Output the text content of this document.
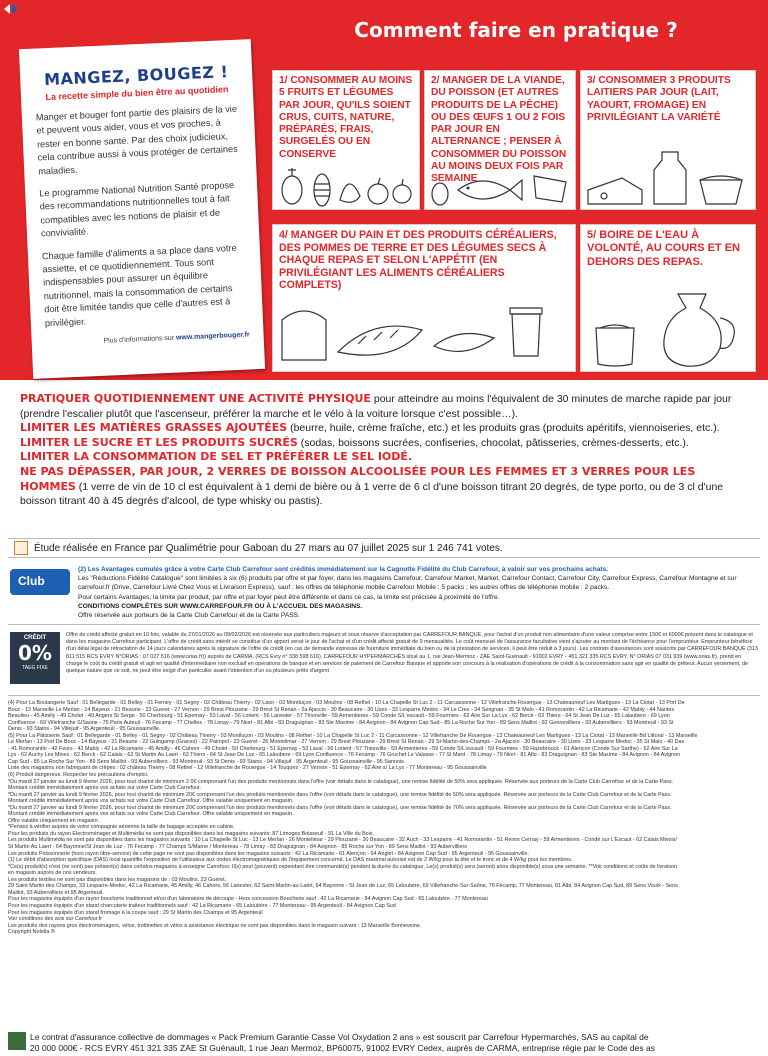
Comment faire en pratique ?
MANGEZ, BOUGEZ !
La recette simple du bien être au quotidien

Manger et bouger font partie des plaisirs de la vie et peuvent vous aider, vous et vos proches, à rester en bonne santé. Par des choix judicieux, cela contribue aussi à vous protéger de certaines maladies.

Le programme National Nutrition Santé propose des recommandations nutritionnelles tout à fait compatibles avec les notions de plaisir et de convivialité.

Chaque famille d'aliments a sa place dans votre assiette, et ce quotidiennement. Tous sont indispensables pour assurer un équilibre nutritionnel, mais la consommation de certains doit être limitée tandis que celle d'autres est à privilégier.

Plus d'informations sur www.mangerbouger.fr
1/ CONSOMMER AU MOINS 5 FRUITS ET LÉGUMES PAR JOUR, QU'ILS SOIENT CRUS, CUITS, NATURE, PRÉPARÉS, FRAIS, SURGELÉS OU EN CONSERVE
2/ MANGER DE LA VIANDE, DU POISSON (ET AUTRES PRODUITS DE LA PÊCHE) OU DES ŒUFS 1 OU 2 FOIS PAR JOUR EN ALTERNANCE ; PENSER À CONSOMMER DU POISSON AU MOINS DEUX FOIS PAR SEMAINE
3/ CONSOMMER 3 PRODUITS LAITIERS PAR JOUR (LAIT, YAOURT, FROMAGE) EN PRIVILÉGIANT LA VARIÉTÉ
4/ MANGER DU PAIN ET DES PRODUITS CÉRÉALIERS, DES POMMES DE TERRE ET DES LÉGUMES SECS À CHAQUE REPAS ET SELON L'APPÉTIT (EN PRIVILÉGIANT LES ALIMENTS CÉRÉALIERS COMPLETS)
5/ BOIRE DE L'EAU À VOLONTÉ, AU COURS ET EN DEHORS DES REPAS.
PRATIQUER QUOTIDIENNEMENT UNE ACTIVITÉ PHYSIQUE pour atteindre au moins l'équivalent de 30 minutes de marche rapide par jour (prendre l'escalier plutôt que l'ascenseur, préférer la marche et le vélo à la voiture lorsque c'est possible…).
LIMITER LES MATIÈRES GRASSES AJOUTÉES (beurre, huile, crème fraîche, etc.) et les produits gras (produits apéritifs, viennoiseries, etc.).
LIMITER LE SUCRE ET LES PRODUITS SUCRÉS (sodas, boissons sucrées, confiseries, chocolat, pâtisseries, crèmes-desserts, etc.).
LIMITER LA CONSOMMATION DE SEL ET PRÉFÉRER LE SEL IODÉ.
NE PAS DÉPASSER, PAR JOUR, 2 VERRES DE BOISSON ALCOOLISÉE POUR LES FEMMES ET 3 VERRES POUR LES HOMMES (1 verre de vin de 10 cl est équivalent à 1 demi de bière ou à 1 verre de 6 cl d'une boisson titrant 20 degrés, de type porto, ou de 3 cl d'une boisson titrant 40 à 45 degrés d'alcool, de type whisky ou pastis).
Étude réalisée en France par Qualimétrie pour Gaboan du 27 mars au 07 juillet 2025 sur 1 246 741 votes.
Club
(2) Les Avantages cumulés grâce à votre Carte Club Carrefour sont crédités immédiatement sur la Cagnotte Fidélité du Club Carrefour, à valoir sur vos prochains achats.
Les "Réductions Fidélité Catalogue" sont limitées à six (6) produits par offre et par foyer, dans les magasins Carrefour, Carrefour Market, Market, Carrefour Contact, Carrefour City, Carrefour Express, Carrefour Montagne et sur
carrefour.fr (Drive, Carrefour Livré Chez Vous et Livraison Express), sauf : les offres de téléphonie mobile Carrefour Mobile : 5 packs ; les autres offres de téléphonie mobile : 2 packs.
Pour certains Avantages, la limite par produit, par offre et par foyer peut être différente et dans ce cas, la limite est précisée à proximité de l'offre.
CONDITIONS COMPLÈTES SUR WWW.CARREFOUR.FR OU À L'ACCUEIL DES MAGASINS.
Offre réservée aux porteurs de la Carte Club Carrefour et de la Carte PASS.
CRÉDIT
0%
TAEG FIXE
Offre de crédit affecté gratuit en 10 fois, valable du 27/01/2026 au 09/02/2026 est réservée aux particuliers majeurs et sous réserve d'acceptation par CARREFOUR BANQUE, pour l'achat d'un produit non alimentaire d'une valeur comprise entre 150€ et 6000€ présent dans le catalogue et dans les magasins Carrefour participant. L'offre de crédit sans intérêt se constitue d'un apport versé le jour de l'achat et d'un crédit affecté gratuit de 9 mensualités. Le coût mensuel de l'assurance facultative vient s'ajouter au montant de l'échéance pour l'emprunteur. Emprunteur bénéficie d'un délai légal de rétractation de 14 jours calendaires après la signature de l'offre de crédit (en cas de demande expresse de fourniture immédiate du bien ou de la prestation de services, il peut être réduit à 3 jours). Les contrats d'assurances sont souscrits par CARREFOUR BANQUE (313 811 515 RCS EVRY N°ORIAS : 07 027 516 (www.orias.fr)) auprès de CARMA, (RCS Evry n° 338 598 616). CARREFOUR HYPERMARCHÉS situé au 1, rue Jean-Mermoz - ZAE Saint-Guénault - 91002 EVRY - 451 321 335 RCS EVRY, N° ORIAS 07 031 939 (www.orias.fr), prend en charge le coût du crédit gratuit et agit en qualité d'intermédiaire non exclusif en opérations de banque et en services de paiement de Carrefour Banque et apporte son concours à la réalisation d'opérations de crédit à la consommation sans agir en qualité de prêteur. Aucun versement, de quelque nature que ce soit, ne peut être exigé d'un particulier avant l'obtention d'un ou plusieurs prêts d'argent
(4) Pour La Boulangerie Sauf : 01 Bellegarde - 01 Belley - 01 Ferney - 01 Segny - 02 Château Thierry - 02 Laon - 03 Montluçon - 03 Moulins - 08 Rethel - 10 La Chapelle St Luc 2 - 11 Carcassonne - 12 Villefranche Rouergue - 13 Chateauneuf Les Martigues - 13 La Ciotat - 13 Port De
Bouc - 13 Marseille Le Merlan - 14 Bayeux - 21 Beaune - 23 Gueret - 27 Vernon - 29 Brest Plouzane - 29 Brest St Renan - 2a Ajaccio - 30 Beaucaire - 30 Uzes - 33 Lesparre Medoc - 34 Le Cres - 34 Serignan - 35 St Malo - 41 Romorantin - 42 La Ricamarie - 42 Mably - 44 Nantes
Beaulieu - 45 Amilly - 49 Cholet - 49 Angers St Serge - 50 Cherbourg - 51 Epernay - 53 Laval - 56 Lorient - 56 Lanester - 57 Thionville - 59 Armentieres - 59 Conde S/L'escault - 59 Fourmies - 62 Aire Sur La Lys - 62 Berck - 63 Thiers - 64 St Jean De Luz - 65 Lalaubere - 69 Lyon
Confluence - 69 Villefranche S/Saone - 75 Paris Auteuil - 76 Fecamp - 77 Chelles - 78 Limay - 79 Niort - 81 Albi - 83 Draguignan - 83 Ste Maxime - 84 Avignon - 84 Avignon Cap Sud - 85 La Roche Sur Yon - 89 Sens Maillot - 92 Gennevilliers - 93 Aubervilliers - 93 Montreuil - 93 St
Denis - 93 Stains - 94 Villejuif - 95 Argenteuil - 95 Goussainville.
(5) Pour La Pâtisserie Sauf : 01 Bellegarde - 01 Belley - 01 Segny - 02 Château Thierry - 03 Montluçon - 03 Moulins - 08 Rethel - 10 La Chapelle St Luc 2 - 11 Carcassonne - 12 Villefranche De Rouergue - 13 Chateauneuf Les Martigues - 13 La Ciotat - 13 Marseille Bd Littoral - 13 Marseille
Le Merlan - 13 Port De Bouc - 14 Bayeux - 21 Beaune - 22 Guingamp (Graces) - 22 Paimpol - 23 Gueret - 26 Montelimar - 27 Vernon - 29 Brest Plouzane - 29 Brest St Renan - 29 St-Martin-des-Champs - 2a Ajaccio - 30 Beaucaire - 30 Uzes - 33 Lesparre Medoc - 35 St Malo - 40 Dax
- 41 Romorantin - 42 Feurs - 42 Mably - 42 La Ricamarie - 45 Amilly - 46 Cahors - 49 Cholet - 50 Cherbourg - 51 Epernay - 53 Laval - 56 Lorient - 57 Thionville - 59 Armentieres - 59 Conde S/L'escault - 59 Fourmies - 59 Hazebrouck - 61 Alencon (Conde Sur Sarthe) - 62 Aire Sur La
Lys - 62 Auchy Les Mines - 62 Berck - 62 Calais - 62 St Martin Au Laert - 63 Thiers - 64 St Jean De Luz - 65 Laloubere - 69 Lyon Confluence - 76 Fecamp - 76 Gruchet Le Valasse - 77 St Mard - 78 Limay - 79 Niort - 81 Albi - 83 Draguignan - 83 Ste Maxime - 84 Avignon - 84 Avignon
Cap Sud - 85 La Roche Sur Yon - 89 Sens Maillot - 93 Aubervilliers - 93 Montreuil - 93 St Denis - 93 Stains - 94 Villejuif - 95 Argenteuil - 95 Goussainville - 95 Sannois.
Liste des magasins non fabriquant de crêpes : 02 château Thierry - 08 Rethel - 12 Villefranche de Rouergue - 14 Touques - 27 Vernon - 51 Epernay - 62 Aire s/ La Lys - 77 Montereau - 95 Goussainville
(6) Produit dangereux. Respecter les précautions d'emploi.
*Du mardi 27 janvier au lundi 9 février 2026, pour tout chariot de minimum 2 0€ comprenant l'un des produits mentionnés dans l'offre (voir détails dans le catalogue), une remise fidélité de 50% sera appliquée. Réservée aux porteurs de la Carte Club Carrefour et de la Carte Pass.
Montant crédité immédiatement après vos achats sur votre Carte Club Carrefour.
*Du mardi 27 janvier au lundi 9 février 2026, pour tout chariot de minimum 20€ comprenant l'un des produits mentionnés dans l'offre (voir détails dans le catalogue), une remise fidélité de 50% sera appliquée. Réservée aux porteurs de la Carte Club Carrefour et de la Carte Pass.
Montant crédité immédiatement après vos achats sur votre Carte Club Carrefour. Offre valable uniquement en magasin.
*Du mardi 27 janvier au lundi 9 février 2026, pour tout chariot de minimum 20€ comprenant l'un des produits mentionnés dans l'offre (voir détails dans le catalogue), une remise fidélité de 70% sera appliquée. Réservée aux porteurs de la Carte Club Carrefour et de la Carte Pass.
Montant crédité immédiatement après vos achats sur votre Carte Club Carrefour. Offre valable uniquement en magasin.
Offre valable uniquement en magasin.
*Pensez à vérifier auprès de votre compagnie aérienne la taille de bagage acceptée en cabine.
Pour les produits du rayon Électroménager et Multimédia ne sont pas disponibles dans les magasins suivants: 87 Limoges Boisseuil - 91 La Ville du Bois.
Les produits Multimédia ne sont pas disponibles dans les magasins suivants : 10 La Chapelle St Luc - 13 Le Merlan - 26 Montelimar - 29 Plouzané - 30 Beaucaire - 32 Auch - 33 Lesparre - 41 Romorantin - 51 Reims Cernay - 59 Armentières - Condé sur L'Escaut - 62 Calais Mivoix/
St Martin Au Laert - 64 Bayonne/St Jean de Luz - 76 Fecamp - 77 Champs S/Marne / Montereau - 78 Limay - 83 Draguignan - 84 Avignon - 85 Roche sur Yon - 89 Sens Maillot - 93 Aubervilliers
Les produits Poissonnerie (hors rayon libre-service) de cette page ne sont pas disponibles dans les magasins suivants : 42 La Ricamarie - 61 Alençon - 64 Anglet - 84 Avignon Cap Sud - 95 Argenteuil - 95 Goussainville.
(1) Le débit d'absorption spécifique (DAS) local quantifie l'exposition de l'utilisateur aux ondes électromagnétiques de l'équipement concerné. Le DAS maximal autorisé est de 2 W/kg pour la tête et le tronc et de 4 W/kg pour les membres.
*Ce(s) produit(s) n'est (ne sont) pas présent(s) dans certains magasins à enseigne Carrefour. Il(s) peut (peuvent) cependant être commandé(s) pendant la durée du catalogue, Le(s) produit(s) sera (seront) alors disponible(s) sous une semaine. **Voir conditions et coûts de livraison
en magasin auprès de nos vendeurs.
Les produits textiles ne sont pas disponibles dans les magasins de : 03 Moulins, 23 Guéret,
29 Saint Martin des Champs, 33 Lesparre-Medoc, 42 La Ricamarie, 45 Amilly, 46 Cahors, 56 Lanester, 62 Saint-Martin-au-Laërt, 64 Bayonne - St Jean de Luz, 65 Laloubère, 69 Villefranche-Sur-Saône, 76 Fécamp, 77 Montereau, 81 Albi, 84 Avignon Cap Sud, 89 Sens Voulx - Sens
Maillot, 93 Aubervilliers et 95 Argenteuil.
Pour les magasins équipés d'un rayon boucherie traditionnel et/ou d'un laboratoire de découpe - Hors concession Boucherie sauf : 42 La Ricamarie - 84 Avignon Cap Sud - 65 Laloubère - 77 Montereau
Pour les magasins équipés d'un stand charcuterie traiteur traditionnels sauf : 42 La Ricamarie - 65 Laloubère - 77 Montereau - 95 Argenteuil - 84 Avignon Cap Sud
Pour les magasins équipés d'un stand fromage à la coupe sauf : 29 St Martin des Champs et 95 Argenteuil
Voir conditions des avis sur Carrefour.fr
Les produits des rayons gros électroménagers, vélos, trottinettes et vélos à assistance électrique ne sont pas disponibles dans le magasin suivant : 13 Marseille Bonneveine.
Copyright Nutella ®
Le contrat d'assurance collective de dommages « Pack Premium Garantie Casse Vol Oxydation 2 ans » est souscrit par Carrefour Hypermarchés, SAS au capital de
20 000 000€ - RCS EVRY 451 321 335 ZAE St Guénault, 1 rue Jean Mermoz, BP60075, 91002 EVRY Cedex, auprès de CARMA, entreprise régie par le Code des as
